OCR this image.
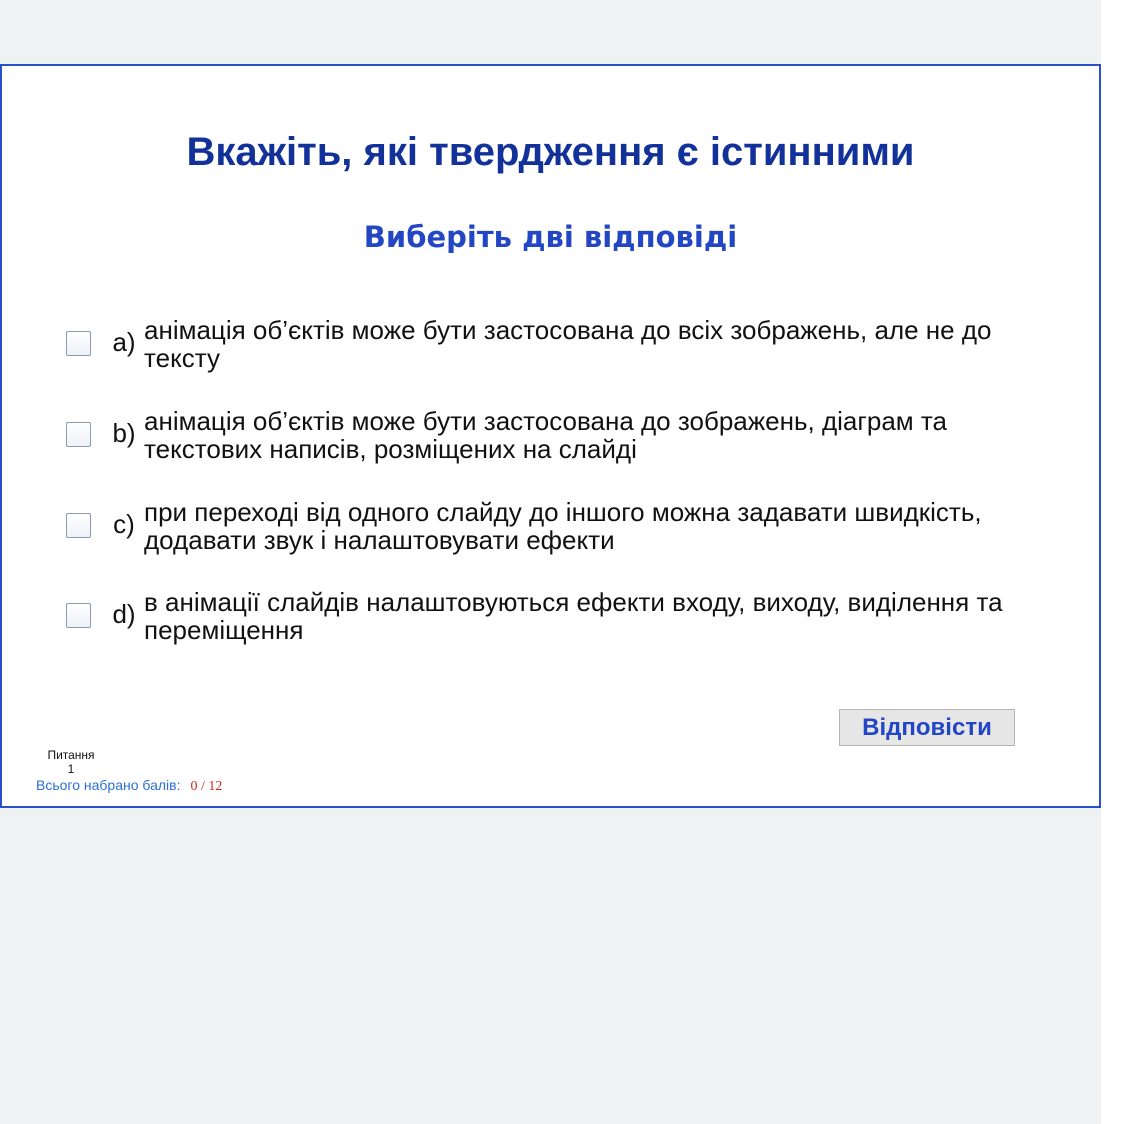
Вкажіть, які твердження є істинними
Виберіть дві відповіді
a) анімація об’єктів може бути застосована до всіх зображень, але не до тексту
b) анімація об’єктів може бути застосована до зображень, діаграм та текстових написів, розміщених на слайді
c) при переході від одного слайду до іншого можна задавати швидкість, додавати звук і налаштовувати ефекти
d) в анімації слайдів налаштовуються ефекти входу, виходу, виділення та переміщення
Відповісти
Питання
1
Всього набрано балів: 0 / 12
